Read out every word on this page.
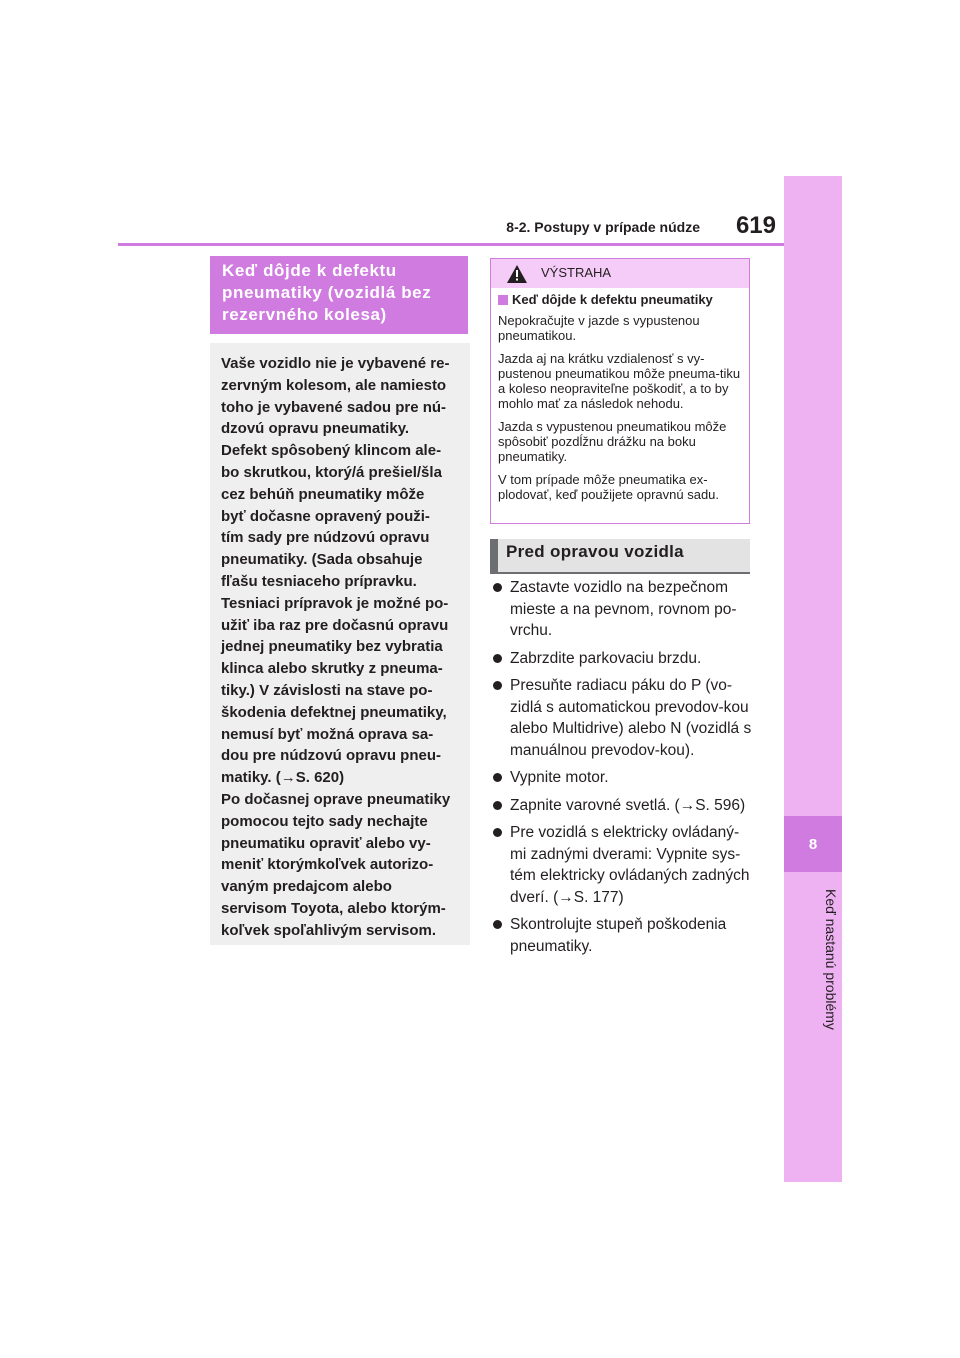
8
Keď nastanú problémy
8-2. Postupy v prípade núdze	619
Keď dôjde k defektu
pneumatiky (vozidlá bez
rezervného kolesa)

Vaše vozidlo nie je vybavené re-

zervným kolesom, ale namiesto

toho je vybavené sadou pre nú-

dzovú opravu pneumatiky.

Defekt spôsobený klincom ale-

bo skrutkou, ktorý/á prešiel/šla

cez behúň pneumatiky môže

byť dočasne opravený použi-

tím sady pre núdzovú opravu

pneumatiky. (Sada obsahuje

fľašu tesniaceho prípravku.

Tesniaci prípravok je možné po-

užiť iba raz pre dočasnú opravu

jednej pneumatiky bez vybratia

klinca alebo skrutky z pneuma-

tiky.) V závislosti na stave po-

škodenia defektnej pneumatiky,

nemusí byť možná oprava sa-

dou pre núdzovú opravu pneu-

matiky. (→S. 620)

Po dočasnej oprave pneumatiky

pomocou tejto sady nechajte

pneumatiku opraviť alebo vy-

meniť ktorýmkoľvek autorizo-

vaným predajcom alebo

servisom Toyota, alebo ktorým-

koľvek spoľahlivým servisom.

VÝSTRAHA

Keď dôjde k defektu pneumatiky

Nepokračujte v jazde s vypustenou pneumatikou.

Jazda aj na krátku vzdialenosť s vy-pustenou pneumatikou môže pneuma-tiku a koleso neopraviteľne poškodiť, a to by mohlo mať za následok nehodu.

Jazda s vypustenou pneumatikou môže spôsobiť pozdĺžnu drážku na boku pneumatiky.

V tom prípade môže pneumatika ex-plodovať, keď použijete opravnú sadu.

Pred opravou vozidla
Zastavte vozidlo na bezpečnom mieste a na pevnom, rovnom po-vrchu.
Zabrzdite parkovaciu brzdu.
Presuňte radiacu páku do P (vo-zidlá s automatickou prevodov-kou alebo Multidrive) alebo N (vozidlá s manuálnou prevodov-kou).
Vypnite motor.
Zapnite varovné svetlá. (→S. 596)
Pre vozidlá s elektricky ovládaný-mi zadnými dverami: Vypnite sys-tém elektricky ovládaných zadných dverí. (→S. 177)
Skontrolujte stupeň poškodenia pneumatiky.
